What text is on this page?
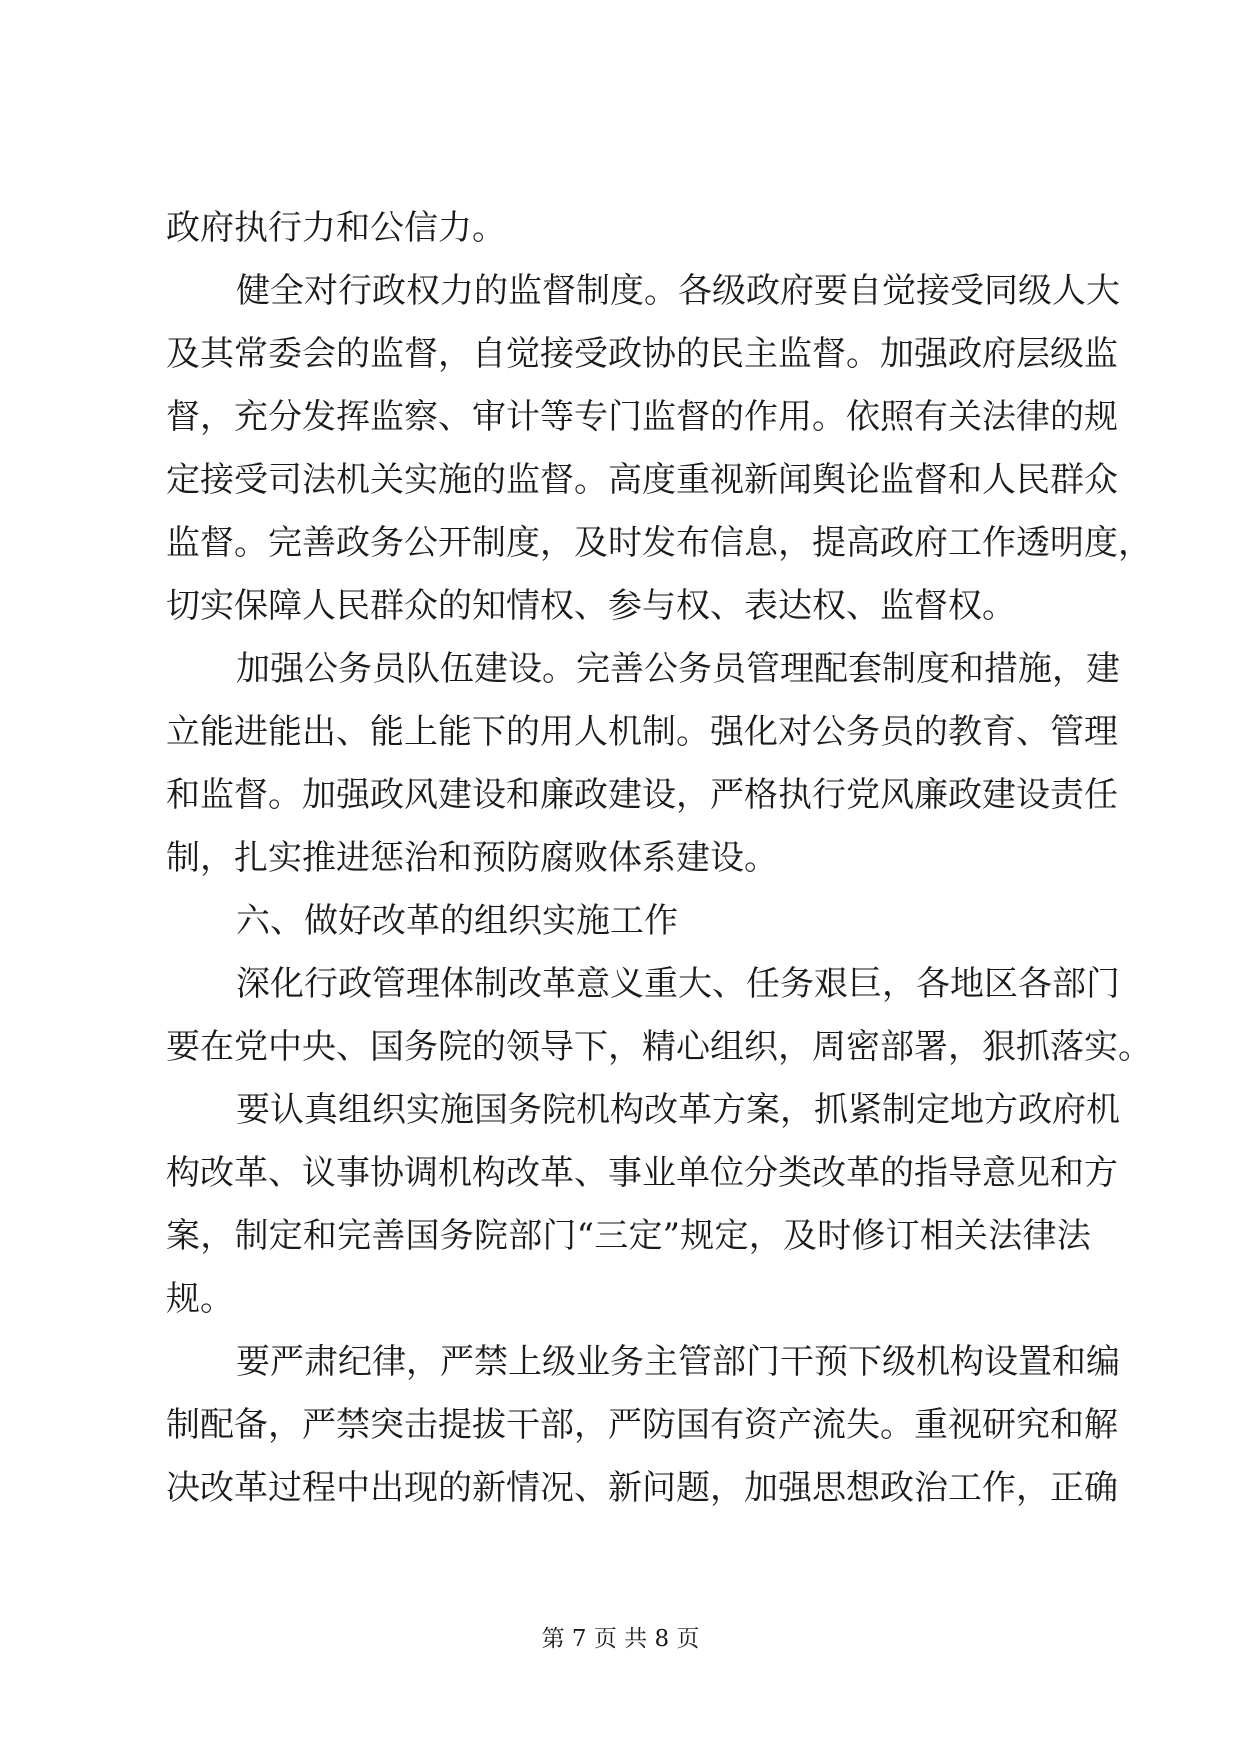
政府执行力和公信力。
健 全 对 行 政 权 力 的 监 督 制 度 。 各 级 政 府 要 自 觉 接 受 同 级 人 大
及 其 常 委 会 的 监 督 ， 自 觉 接 受 政 协 的 民 主 监 督 。 加 强 政 府 层 级 监
督 ， 充 分 发 挥 监 察 、 审 计 等 专 门 监 督 的 作 用 。 依 照 有 关 法 律 的 规
定 接 受 司 法 机 关 实 施 的 监 督 。 高 度 重 视 新 闻 舆 论 监 督 和 人 民 群 众
监 督 。 完 善 政 务 公 开 制 度 ， 及 时 发 布 信 息 ， 提 高 政 府 工 作 透 明 度 ，
切实保障人民群众的知情权、参与权、表达权、监督权。
加 强 公 务 员 队 伍 建 设 。 完 善 公 务 员 管 理 配 套 制 度 和 措 施 ， 建
立 能 进 能 出 、 能 上 能 下 的 用 人 机 制 。 强 化 对 公 务 员 的 教 育 、 管 理
和 监 督 。 加 强 政 风 建 设 和 廉 政 建 设 ， 严 格 执 行 党 风 廉 政 建 设 责 任
制，扎实推进惩治和预防腐败体系建设。
六、做好改革的组织实施工作
深 化 行 政 管 理 体 制 改 革 意 义 重 大 、 任 务 艰 巨 ， 各 地 区 各 部 门
要在党中央、国务院的领导下，精心组织，周密部署，狠抓落实。
要 认 真 组 织 实 施 国 务 院 机 构 改 革 方 案 ， 抓 紧 制 定 地 方 政 府 机
构 改 革 、 议 事 协 调 机 构 改 革 、 事 业 单 位 分 类 改 革 的 指 导 意 见 和 方
案 ， 制 定 和 完 善 国 务 院 部 门 “ 三 定 ” 规 定 ， 及 时 修 订 相 关 法 律 法
规。
要 严 肃 纪 律 ， 严 禁 上 级 业 务 主 管 部 门 干 预 下 级 机 构 设 置 和 编
制 配 备 ， 严 禁 突 击 提 拔 干 部 ， 严 防 国 有 资 产 流 失 。 重 视 研 究 和 解
决 改 革 过 程 中 出 现 的 新 情 况 、 新 问 题 ， 加 强 思 想 政 治 工 作 ， 正 确
第 7 页 共 8 页
